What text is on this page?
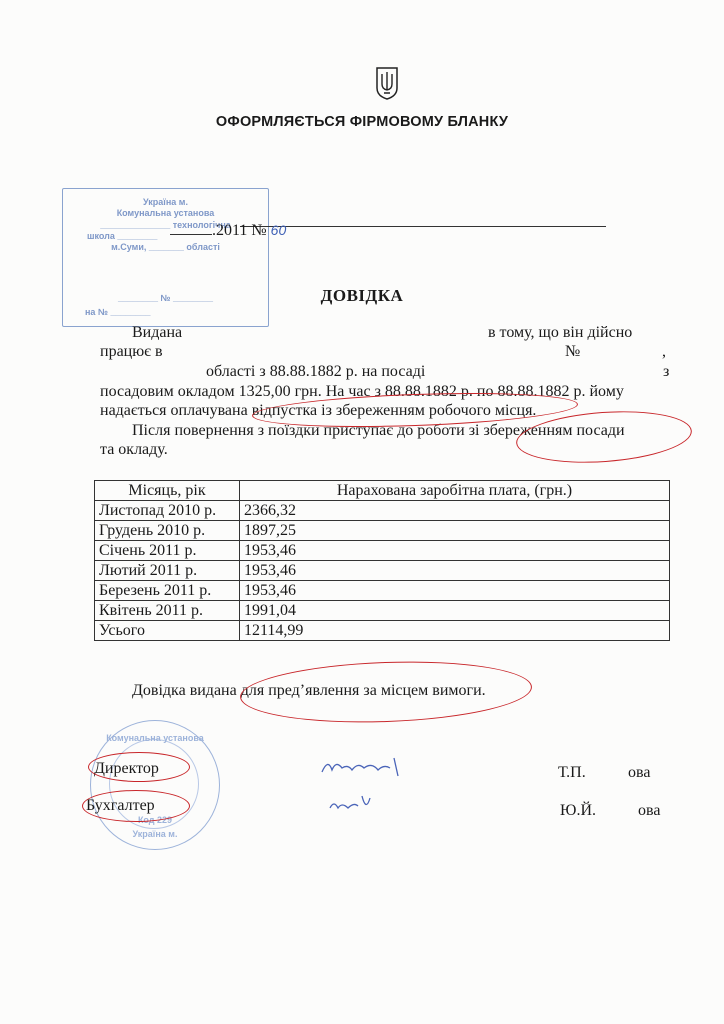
ОФОРМЛЯЄТЬСЯ ФІРМОВОМУ БЛАНКУ
Україна м.
Комунальна установа
______________ технологічна
школа ________
м.Суми, _______ області
________ № ________
на № ________
.2011 № 60
ДОВІДКА
Видана	в тому, що він дійсно
працює в	№	,
області з 88.88.1882 р. на посаді	з
посадовим окладом 1325,00 грн. На час з 88.88.1882 р. по 88.88.1882 р. йому
надається оплачувана відпустка із збереженням робочого місця.
Після повернення з поїздки приступає до роботи зі збереженням посади
та окладу.
Місяць, рік	Нарахована заробітна плата, (грн.)
Листопад 2010 р.	2366,32
Грудень 2010 р.	1897,25
Січень 2011 р.	1953,46
Лютий 2011 р.	1953,46
Березень 2011 р.	1953,46
Квітень 2011 р.	1991,04
Усього	12114,99
Довідка видана для пред’явлення за місцем вимоги.
Комунальна установа
Код 229
Україна м.
Директор	Т.П.	ова
Бухгалтер	Ю.Й.	ова
